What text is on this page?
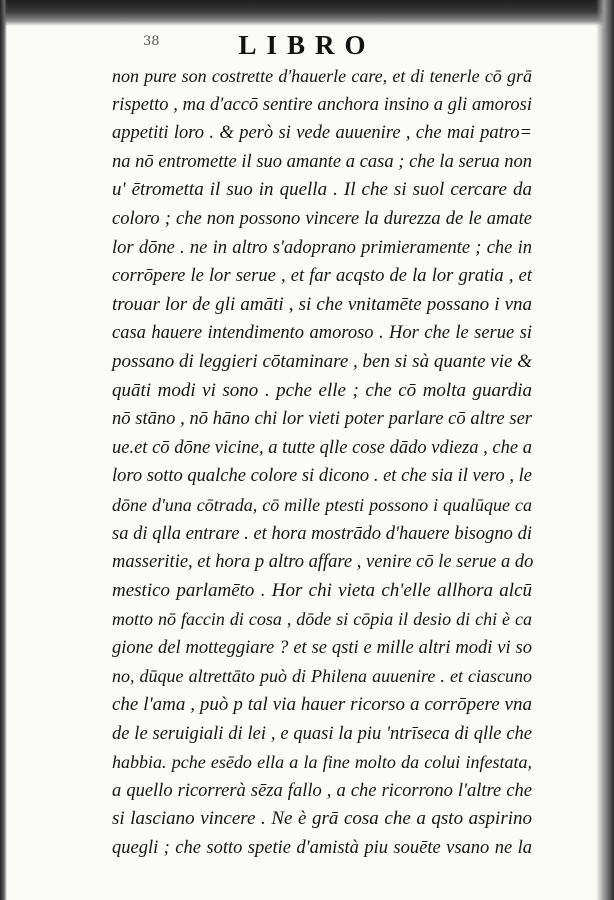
38	LIBRO
non pure son costrette d'hauerle care, et di tenerle cō grā
rispetto , ma d'accō sentire anchora insino a gli amorosi
appetiti loro . & però si vede auuenire , che mai patro=
na nō entromette il suo amante a casa ; che la serua non
u' ētrometta il suo in quella . Il che si suol cercare da
coloro ; che non possono vincere la durezza de le amate
lor dōne . ne in altro s'adoprano primieramente ; che in
corrōpere le lor serue , et far acqsto de la lor gratia , et
trouar lor de gli amāti , si che vnitamēte possano i vna
casa hauere intendimento amoroso . Hor che le serue si
possano di leggieri cōtaminare , ben si sà quante vie &
quāti modi vi sono . pche elle ; che cō molta guardia
nō stāno , nō hāno chi lor vieti poter parlare cō altre ser
ue.et cō dōne vicine, a tutte qlle cose dādo vdieza , che a
loro sotto qualche colore si dicono . et che sia il vero , le
dōne d'una cōtrada, cō mille ptesti possono i qualūque ca
sa di qlla entrare . et hora mostrādo d'hauere bisogno di
masseritie, et hora p altro affare , venire cō le serue a do
mestico parlamēto . Hor chi vieta ch'elle allhora alcū
motto nō faccin di cosa , dōde si cōpia il desio di chi è ca
gione del motteggiare ? et se qsti e mille altri modi vi so
no, dūque altrettāto può di Philena auuenire . et ciascuno
che l'ama , può p tal via hauer ricorso a corrōpere vna
de le seruigiali di lei , e quasi la piu 'ntrīseca di qlle che
habbia. pche esēdo ella a la fine molto da colui infestata,
a quello ricorrerà sēza fallo , a che ricorrono l'altre che
si lasciano vincere . Ne è grā cosa che a qsto aspirino
quegli ; che sotto spetie d'amistà piu souēte vsano ne la
